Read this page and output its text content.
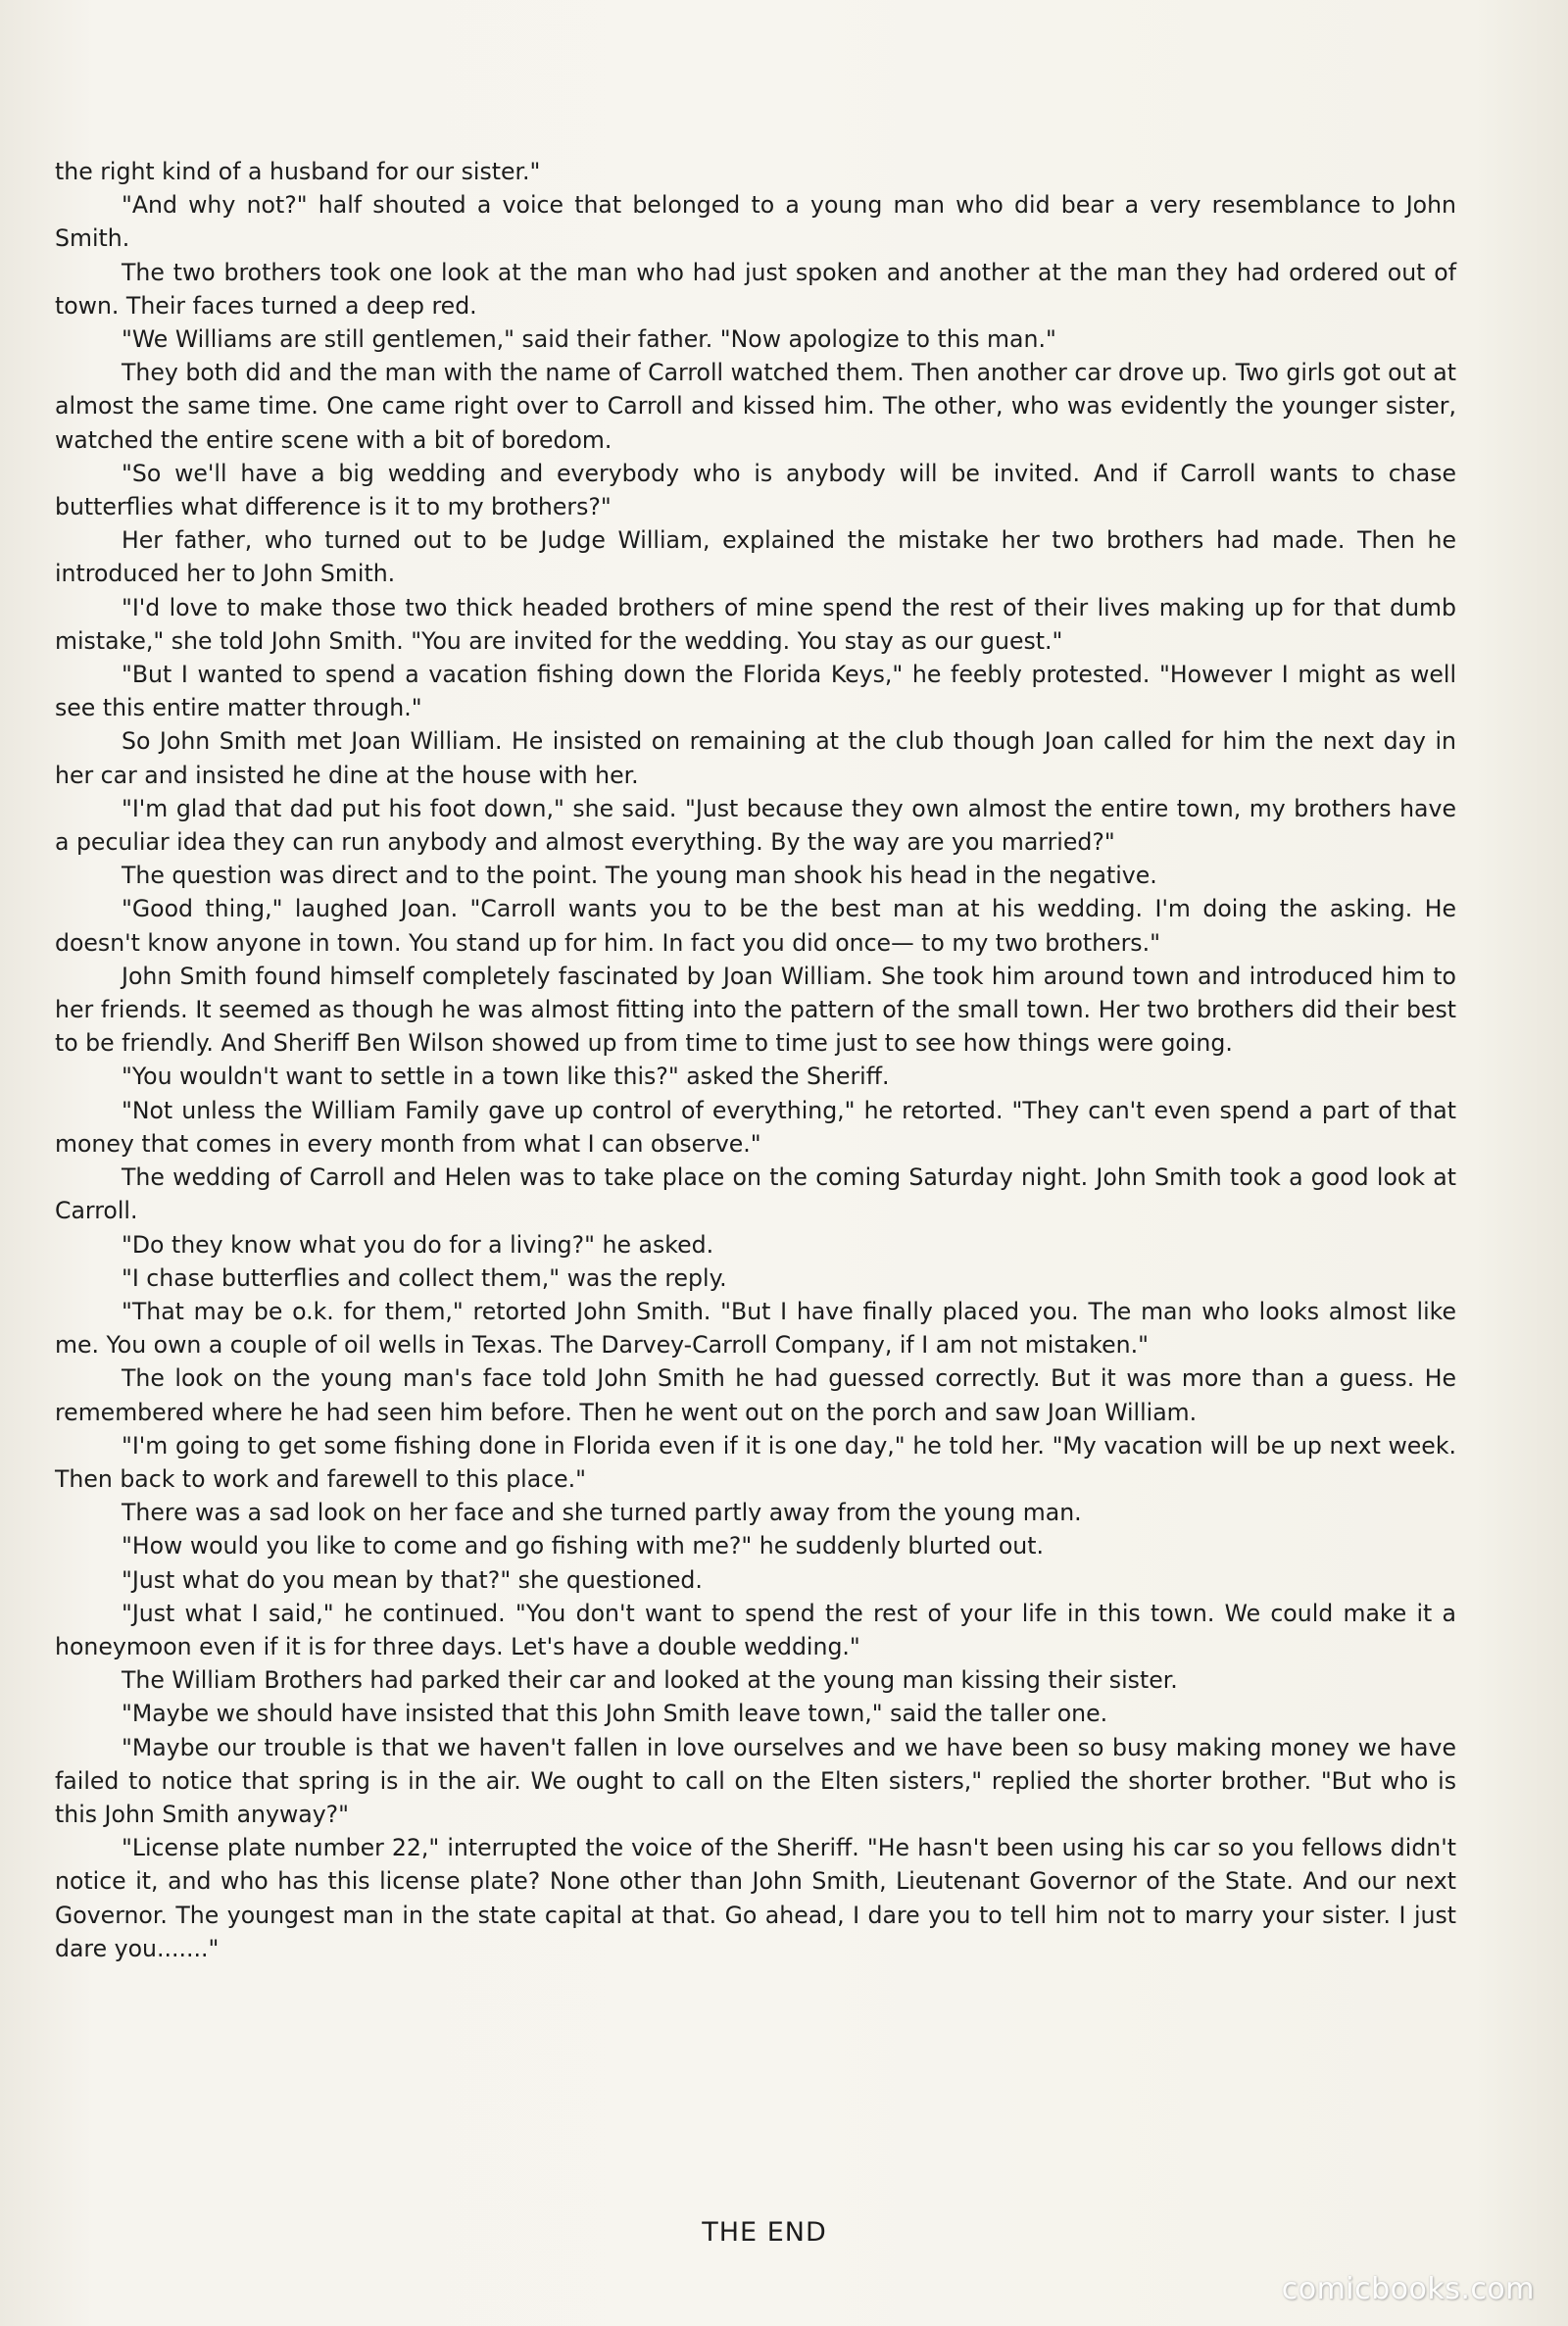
the right kind of a husband for our sister."

"And why not?" half shouted a voice that belonged to a young man who did bear a very resemblance to John Smith.

The two brothers took one look at the man who had just spoken and another at the man they had ordered out of town. Their faces turned a deep red.

"We Williams are still gentlemen," said their father. "Now apologize to this man."

They both did and the man with the name of Carroll watched them. Then another car drove up. Two girls got out at almost the same time. One came right over to Carroll and kissed him. The other, who was evidently the younger sister, watched the entire scene with a bit of boredom.

"So we'll have a big wedding and everybody who is anybody will be invited. And if Carroll wants to chase butterflies what difference is it to my brothers?"

Her father, who turned out to be Judge William, explained the mistake her two brothers had made. Then he introduced her to John Smith.

"I'd love to make those two thick headed brothers of mine spend the rest of their lives making up for that dumb mistake," she told John Smith. "You are invited for the wedding. You stay as our guest."

"But I wanted to spend a vacation fishing down the Florida Keys," he feebly protested. "However I might as well see this entire matter through."

So John Smith met Joan William. He insisted on remaining at the club though Joan called for him the next day in her car and insisted he dine at the house with her.

"I'm glad that dad put his foot down," she said. "Just because they own almost the entire town, my brothers have a peculiar idea they can run anybody and almost everything. By the way are you married?"

The question was direct and to the point. The young man shook his head in the negative.

"Good thing," laughed Joan. "Carroll wants you to be the best man at his wedding. I'm doing the asking. He doesn't know anyone in town. You stand up for him. In fact you did once— to my two brothers."

John Smith found himself completely fascinated by Joan William. She took him around town and introduced him to her friends. It seemed as though he was almost fitting into the pattern of the small town. Her two brothers did their best to be friendly. And Sheriff Ben Wilson showed up from time to time just to see how things were going.

"You wouldn't want to settle in a town like this?" asked the Sheriff.

"Not unless the William Family gave up control of everything," he retorted. "They can't even spend a part of that money that comes in every month from what I can observe."

The wedding of Carroll and Helen was to take place on the coming Saturday night. John Smith took a good look at Carroll.

"Do they know what you do for a living?" he asked.

"I chase butterflies and collect them," was the reply.

"That may be o.k. for them," retorted John Smith. "But I have finally placed you. The man who looks almost like me. You own a couple of oil wells in Texas. The Darvey-Carroll Company, if I am not mistaken."

The look on the young man's face told John Smith he had guessed correctly. But it was more than a guess. He remembered where he had seen him before. Then he went out on the porch and saw Joan William.

"I'm going to get some fishing done in Florida even if it is one day," he told her. "My vacation will be up next week. Then back to work and farewell to this place."

There was a sad look on her face and she turned partly away from the young man.

"How would you like to come and go fishing with me?" he suddenly blurted out.

"Just what do you mean by that?" she questioned.

"Just what I said," he continued. "You don't want to spend the rest of your life in this town. We could make it a honeymoon even if it is for three days. Let's have a double wedding."

The William Brothers had parked their car and looked at the young man kissing their sister.

"Maybe we should have insisted that this John Smith leave town," said the taller one.

"Maybe our trouble is that we haven't fallen in love ourselves and we have been so busy making money we have failed to notice that spring is in the air. We ought to call on the Elten sisters," replied the shorter brother. "But who is this John Smith anyway?"

"License plate number 22," interrupted the voice of the Sheriff. "He hasn't been using his car so you fellows didn't notice it, and who has this license plate? None other than John Smith, Lieutenant Governor of the State. And our next Governor. The youngest man in the state capital at that. Go ahead, I dare you to tell him not to marry your sister. I just dare you......."

THE END
comicbooks.com
